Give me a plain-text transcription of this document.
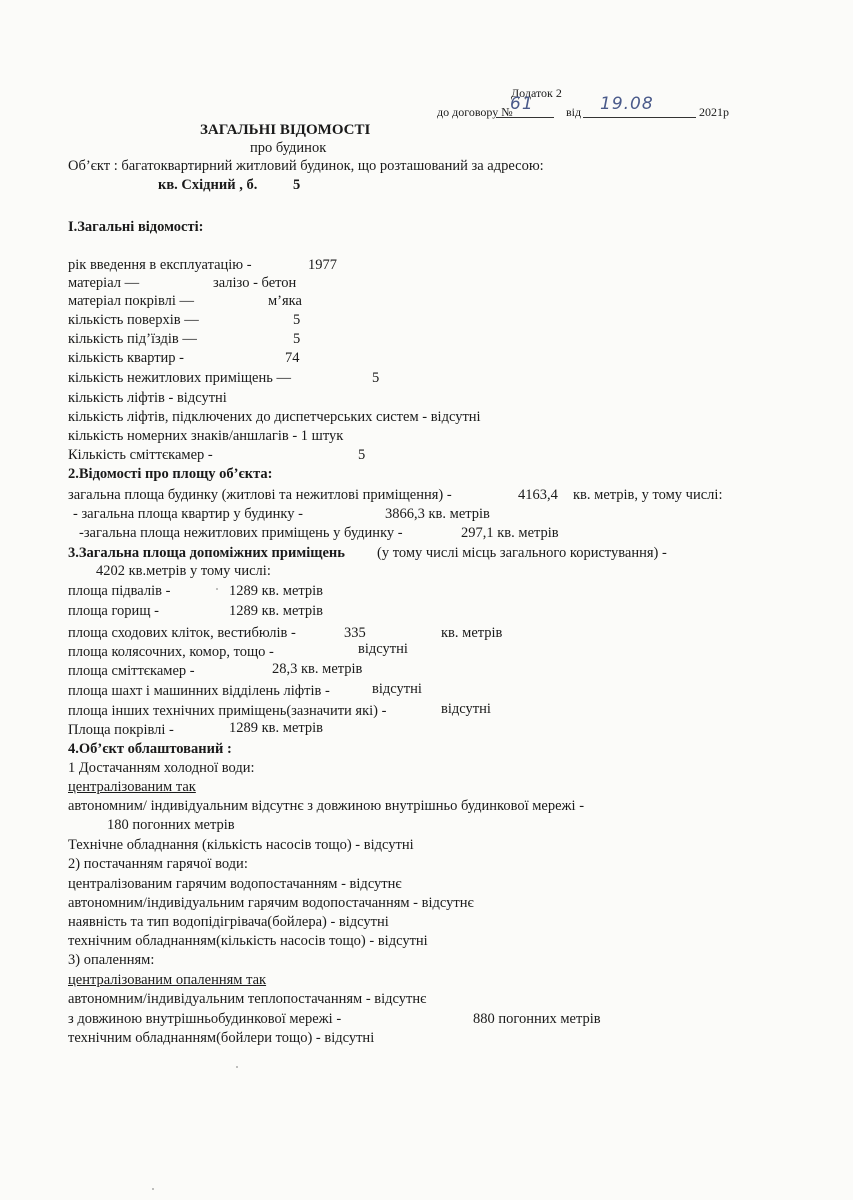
Додаток 2
до договору №
61	від 19.08	2021р
ЗАГАЛЬНІ ВІДОМОСТІ
про будинок
Об’єкт : багатоквартирний житловий будинок, що розташований за адресою:
кв. Східний , б. 5
I.Загальні відомості:
рік введення в експлуатацію -	1977
матеріал —	залізо - бетон
матеріал покрівлі —	м’яка
кількість поверхів —	5
кількість під’їздів —	5
кількість квартир -	74
кількість нежитлових приміщень —	5
кількість ліфтів - відсутні
кількість ліфтів, підключених до диспетчерських систем - відсутні
кількість номерних знаків/аншлагів - 1 штук
Кількість сміттєкамер -	5
2.Відомості про площу об’єкта:
загальна площа будинку (житлові та нежитлові приміщення) -	4163,4 кв. метрів, у тому числі:
- загальна площа квартир у будинку -	3866,3 кв. метрів
-загальна площа нежитлових приміщень у будинку -	297,1 кв. метрів
3.Загальна площа допоміжних приміщень (у тому числі місць загального користування) -
4202 кв.метрів у тому числі:
площа підвалів -	1289 кв. метрів
площа горищ -	1289 кв. метрів
площа сходових кліток, вестибюлів -	335	кв. метрів
площа колясочних, комор, тощо -	відсутні
площа сміттєкамер -	28,3 кв. метрів
площа шахт і машинних відділень ліфтів -	відсутні
площа інших технічних приміщень(зазначити які) -	відсутні
Площа покрівлі -	1289 кв. метрів
4.Об’єкт облаштований :
1 Достачанням холодної води:
централізованим так
автономним/ індивідуальним відсутнє з довжиною внутрішньо будинкової мережі -
180 погонних метрів
Технічне обладнання (кількість насосів тощо) - відсутні
2) постачанням гарячої води:
централізованим гарячим водопостачанням - відсутнє
автономним/індивідуальним гарячим водопостачанням - відсутнє
наявність та тип водопідігрівача(бойлера) - відсутні
технічним обладнанням(кількість насосів тощо) - відсутні
3) опаленням:
централізованим опаленням так
автономним/індивідуальним теплопостачанням - відсутнє
з довжиною внутрішньобудинкової мережі -	880 погонних метрів
технічним обладнанням(бойлери тощо) - відсутні
